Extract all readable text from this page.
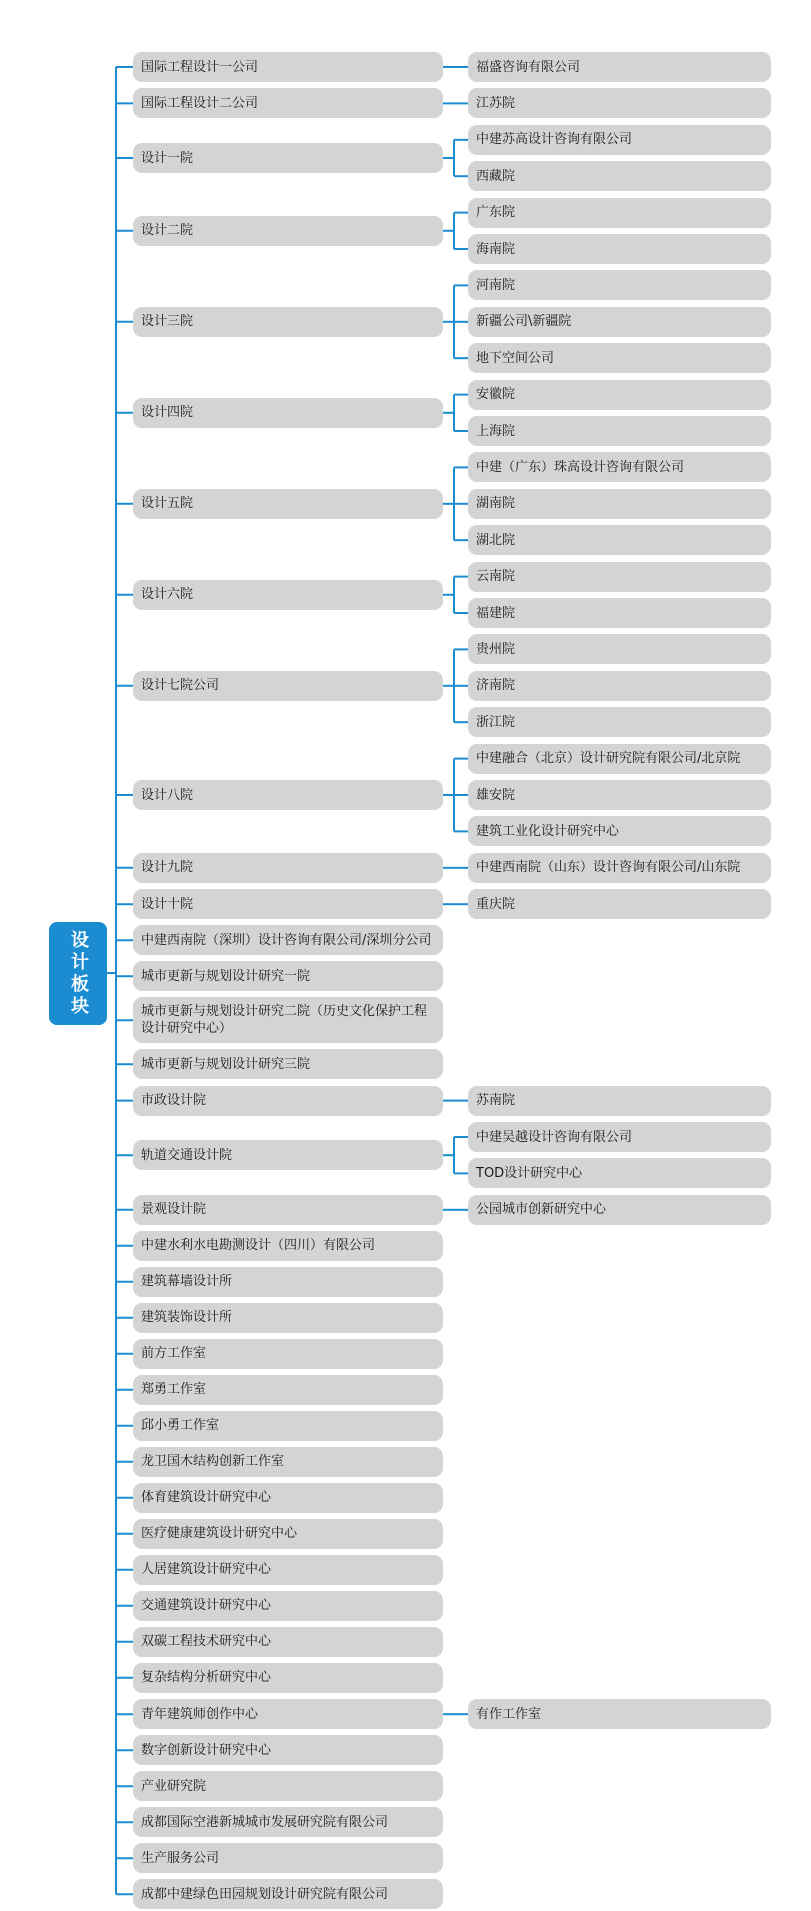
设计板块
国际工程设计一公司	福盛咨询有限公司
国际工程设计二公司	江苏院
设计一院
中建苏高设计咨询有限公司
西藏院
设计二院
广东院
海南院
设计三院
河南院
新疆公司\新疆院
地下空间公司
设计四院
安徽院
上海院
设计五院
中建（广东）珠高设计咨询有限公司
湖南院
湖北院
设计六院
云南院
福建院
设计七院公司
贵州院
济南院
浙江院
设计八院
中建融合（北京）设计研究院有限公司/北京院
雄安院
建筑工业化设计研究中心
设计九院	中建西南院（山东）设计咨询有限公司/山东院
设计十院	重庆院
中建西南院（深圳）设计咨询有限公司/深圳分公司
城市更新与规划设计研究一院
城市更新与规划设计研究二院（历史文化保护工程设计研究中心）
城市更新与规划设计研究三院
市政设计院	苏南院
轨道交通设计院
中建吴越设计咨询有限公司
TOD设计研究中心
景观设计院	公园城市创新研究中心
中建水利水电勘测设计（四川）有限公司
建筑幕墙设计所
建筑装饰设计所
前方工作室
郑勇工作室
邱小勇工作室
龙卫国木结构创新工作室
体育建筑设计研究中心
医疗健康建筑设计研究中心
人居建筑设计研究中心
交通建筑设计研究中心
双碳工程技术研究中心
复杂结构分析研究中心
青年建筑师创作中心	有作工作室
数字创新设计研究中心
产业研究院
成都国际空港新城城市发展研究院有限公司
生产服务公司
成都中建绿色田园规划设计研究院有限公司
